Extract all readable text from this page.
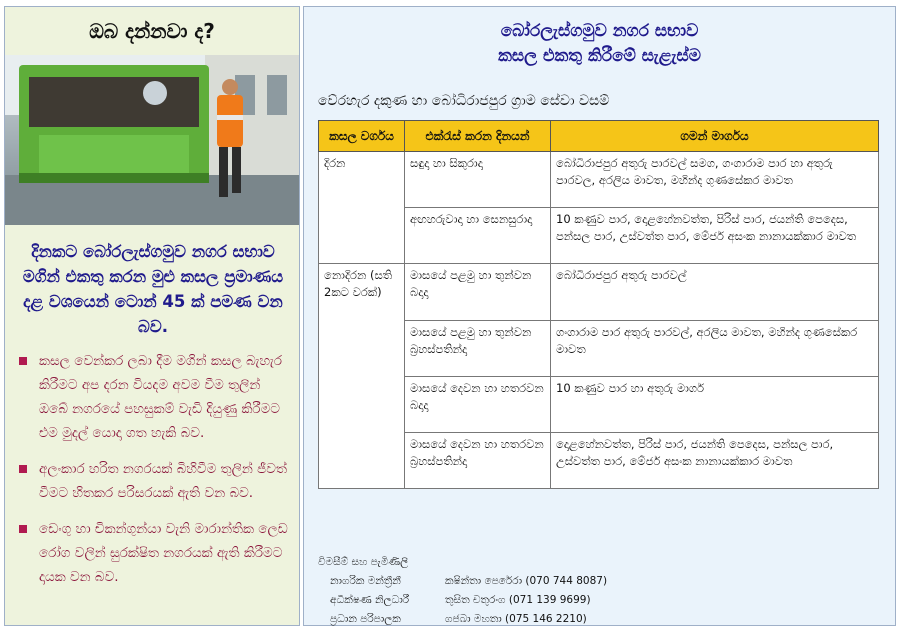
ඔබ දන්නවා ද?
දිනකට බෝරලැස්ගමුව නගර සභාව මගින් එකතු කරන මුළු කසල ප්‍රමාණය දළ වශයෙන් ටොන් 45 ක් පමණ වන බව.
කසල වෙන්කර ලබා දීම මගින් කසල බැහැර කිරීමට අප දරන වියදම අවම වීම තුලින් ඔබේ නගරයේ පහසුකම් වැඩි දියුණු කිරීමට එම මුදල් යොදා ගත හැකි බව.
අලංකාර හරිත නගරයක් බිහිවීම තුලින් ජීවත් වීමට හිතකර පරිසරයක් ඇති වන බව.
ඩෙංගු හා චිකන්ගුන්යා වැනි මාරාන්තික ලෙඩ රෝග වලින් සුරක්ෂිත නගරයක් ඇති කිරීමට දායක වන බව.
බෝරලැස්ගමුව නගර සභාව
කසල එකතු කිරීමේ සැළැස්ම
වේරහැර දකුණ හා බෝධිරාජපුර ග්‍රාම සේවා වසම්
කසල වර්ගය	එක්රැස් කරන දිනයන්	ගමන් මාර්ගය
දිරන	සඳුදා හා සිකුරාදා	බෝධිරාජපුර අතුරු පාරවල් සමග, ගංගාරාම පාර හා අතුරු පාරවල, අරලිය මාවත, මහින්ද ගුණසේකර මාවත
	අඟහරුවාදා හා සෙනසුරාදා	10 කණුව පාර, දොළහේනවත්ත, පිරිස් පාර, ජයන්ති පෙදෙස, පන්සල පාර, උස්වත්ත පාර, මේජර් අසංක නානායක්කාර මාවත
නොදිරන (සති 2කට වරක්)	මාසයේ පළමු හා තුන්වන බදාදා	බෝධිරාජපුර අතුරු පාරවල්
	මාසයේ පළමු හා තුන්වන බ්‍රහස්පතින්දා	ගංගාරාම පාර අතුරු පාරවල්, අරලිය මාවත, මහින්ද ගුණසේකර මාවත
	මාසයේ දෙවන හා හතරවන බදාදා	10 කණුව පාර හා අතුරු මාර්ග
	මාසයේ දෙවන හා හතරවන බ්‍රහස්පතින්දා	දොළහේනවත්ත, පිරිස් පාර, ජයන්ති පෙදෙස, පන්සල පාර, උස්වත්ත පාර, මේජර් අසංක නානායක්කාර මාවත
විමසීම් සහ පැමිණිලි
නාගරික මන්ත්‍රීනී	කෂින්තා පෙරේරා (070 744 8087)
අධීක්ෂණ නිලධාරී	තුසිත චතුරංග (071 139 9699)
ප්‍රධාන පරිපාලක	ගජබා මහතා (075 146 2210)
